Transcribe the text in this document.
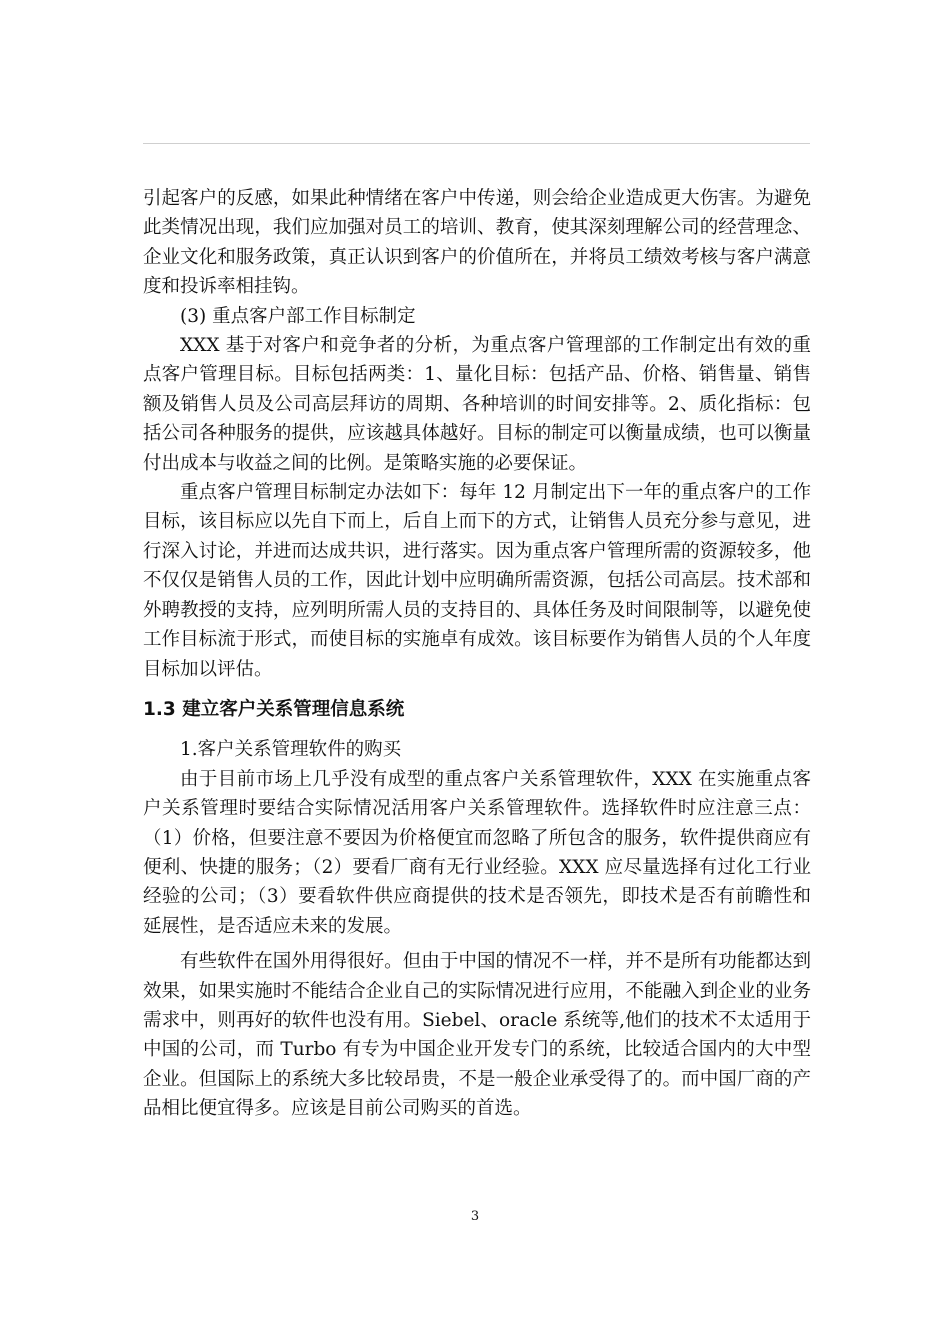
引起客户的反感，如果此种情绪在客户中传递，则会给企业造成更大伤害。为避免此类情况出现，我们应加强对员工的培训、教育，使其深刻理解公司的经营理念、企业文化和服务政策，真正认识到客户的价值所在，并将员工绩效考核与客户满意度和投诉率相挂钩。

(3) 重点客户部工作目标制定

XXX 基于对客户和竞争者的分析，为重点客户管理部的工作制定出有效的重点客户管理目标。目标包括两类：1、量化目标：包括产品、价格、销售量、销售额及销售人员及公司高层拜访的周期、各种培训的时间安排等。2、质化指标：包括公司各种服务的提供，应该越具体越好。目标的制定可以衡量成绩，也可以衡量付出成本与收益之间的比例。是策略实施的必要保证。

重点客户管理目标制定办法如下：每年 12 月制定出下一年的重点客户的工作目标，该目标应以先自下而上，后自上而下的方式，让销售人员充分参与意见，进行深入讨论，并进而达成共识，进行落实。因为重点客户管理所需的资源较多，他不仅仅是销售人员的工作，因此计划中应明确所需资源，包括公司高层。技术部和外聘教授的支持，应列明所需人员的支持目的、具体任务及时间限制等，以避免使工作目标流于形式，而使目标的实施卓有成效。该目标要作为销售人员的个人年度目标加以评估。

1.3 建立客户关系管理信息系统

1.客户关系管理软件的购买

由于目前市场上几乎没有成型的重点客户关系管理软件，XXX 在实施重点客户关系管理时要结合实际情况活用客户关系管理软件。选择软件时应注意三点：（1）价格，但要注意不要因为价格便宜而忽略了所包含的服务，软件提供商应有便利、快捷的服务；（2）要看厂商有无行业经验。XXX 应尽量选择有过化工行业经验的公司；（3）要看软件供应商提供的技术是否领先，即技术是否有前瞻性和延展性，是否适应未来的发展。

有些软件在国外用得很好。但由于中国的情况不一样，并不是所有功能都达到效果，如果实施时不能结合企业自己的实际情况进行应用，不能融入到企业的业务需求中，则再好的软件也没有用。Siebel、oracle 系统等,他们的技术不太适用于中国的公司，而 Turbo 有专为中国企业开发专门的系统，比较适合国内的大中型企业。但国际上的系统大多比较昂贵，不是一般企业承受得了的。而中国厂商的产品相比便宜得多。应该是目前公司购买的首选。

3
